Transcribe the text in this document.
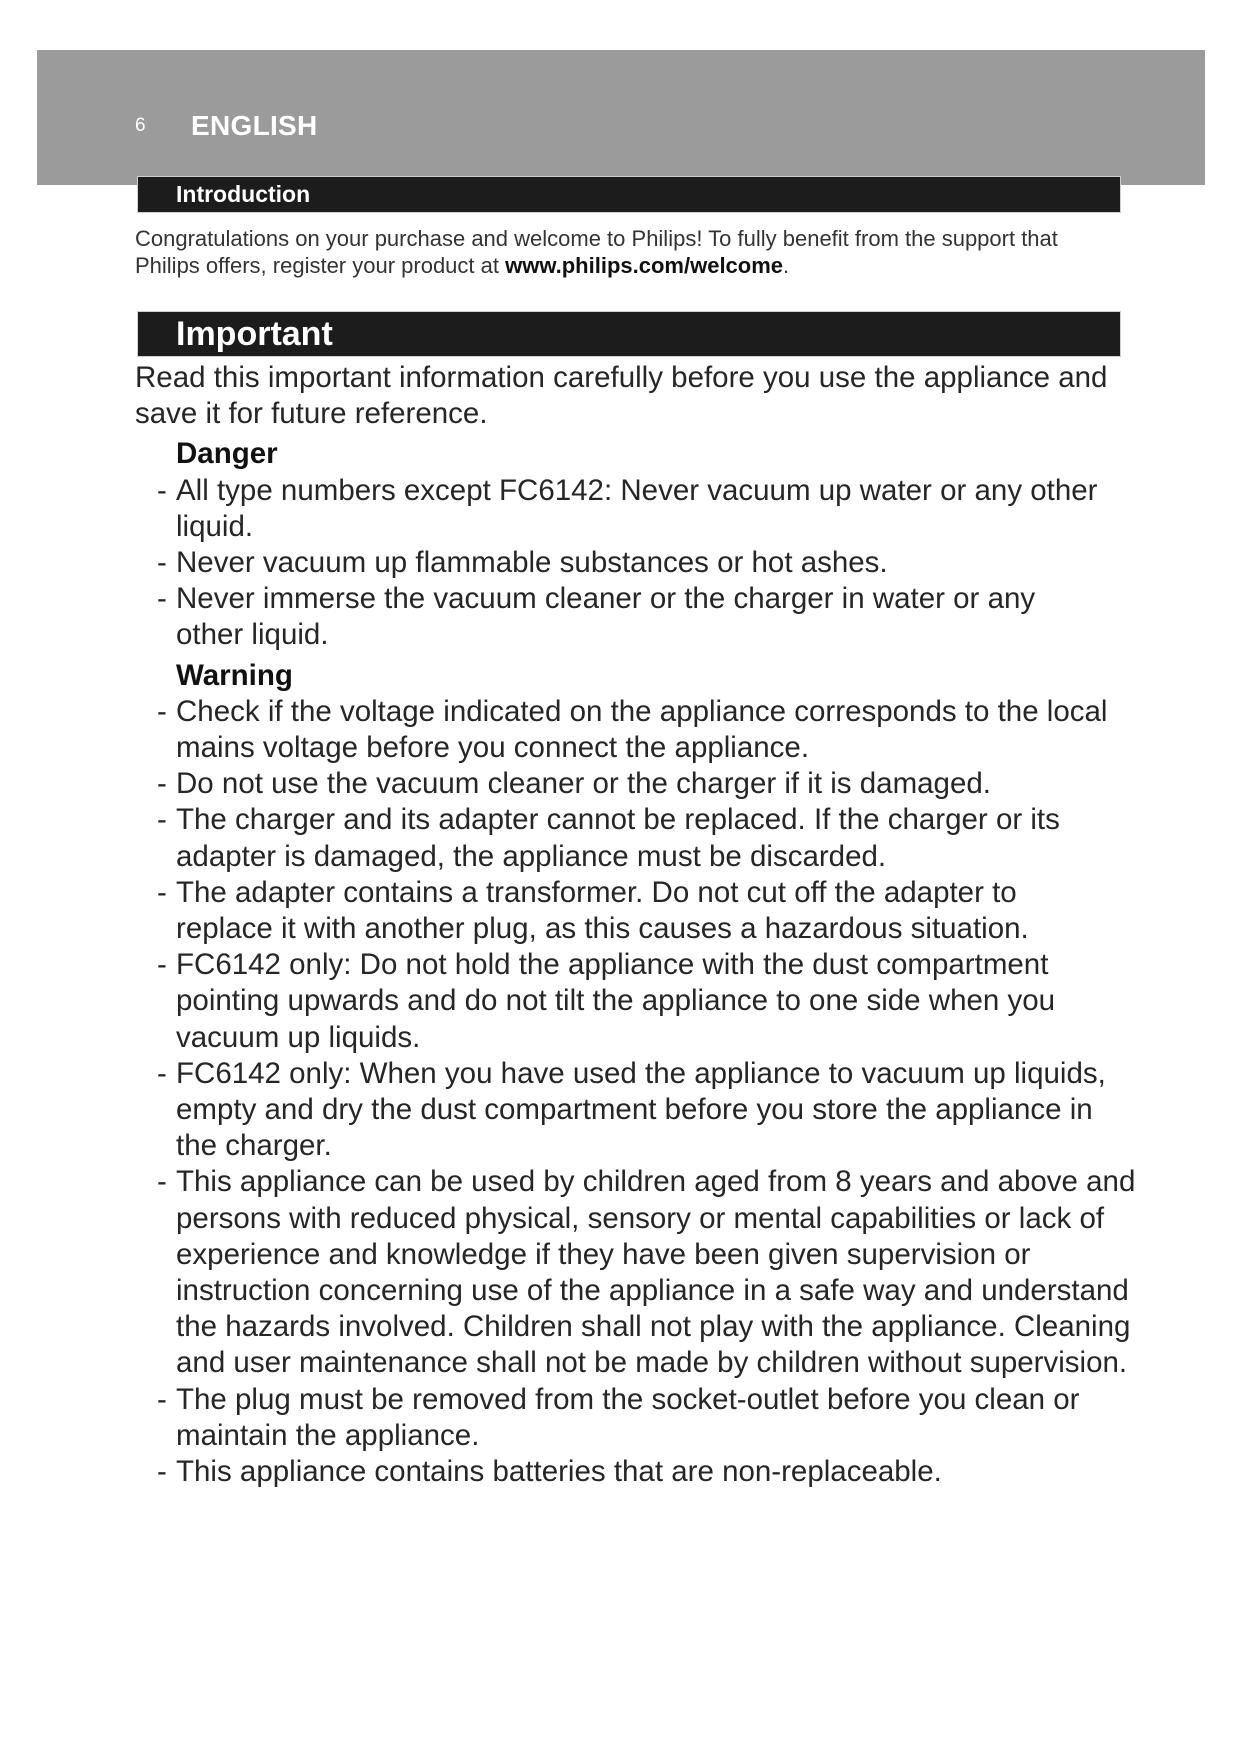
6 ENGLISH
Introduction
Congratulations on your purchase and welcome to Philips! To fully benefit from the support that
Philips offers, register your product at www.philips.com/welcome.
Important
Read this important information carefully before you use the appliance and
save it for future reference.
Danger
- All type numbers except FC6142: Never vacuum up water or any other
liquid.
- Never vacuum up flammable substances or hot ashes.
- Never immerse the vacuum cleaner or the charger in water or any
other liquid.
Warning
- Check if the voltage indicated on the appliance corresponds to the local
mains voltage before you connect the appliance.
- Do not use the vacuum cleaner or the charger if it is damaged.
- The charger and its adapter cannot be replaced. If the charger or its
adapter is damaged, the appliance must be discarded.
- The adapter contains a transformer. Do not cut off the adapter to
replace it with another plug, as this causes a hazardous situation.
- FC6142 only: Do not hold the appliance with the dust compartment
pointing upwards and do not tilt the appliance to one side when you
vacuum up liquids.
- FC6142 only: When you have used the appliance to vacuum up liquids,
empty and dry the dust compartment before you store the appliance in
the charger.
- This appliance can be used by children aged from 8 years and above and
persons with reduced physical, sensory or mental capabilities or lack of
experience and knowledge if they have been given supervision or
instruction concerning use of the appliance in a safe way and understand
the hazards involved. Children shall not play with the appliance. Cleaning
and user maintenance shall not be made by children without supervision.
- The plug must be removed from the socket-outlet before you clean or
maintain the appliance.
- This appliance contains batteries that are non-replaceable.
